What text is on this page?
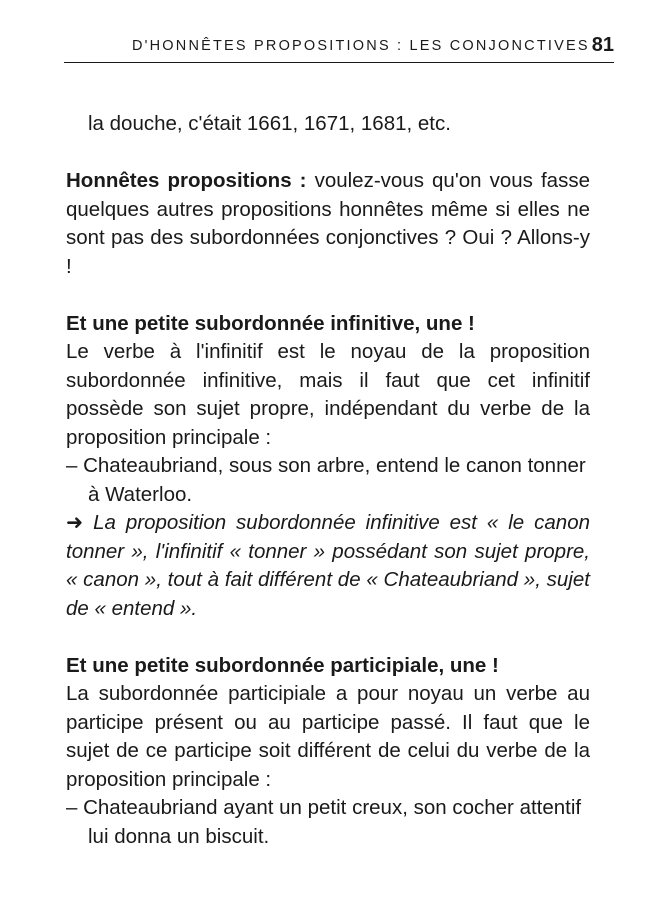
D'HONNÊTES PROPOSITIONS : LES CONJONCTIVES 81

la douche, c'était 1661, 1671, 1681, etc.

Honnêtes propositions : voulez-vous qu'on vous fasse quelques autres propositions honnêtes même si elles ne sont pas des subordonnées conjonctives ? Oui ? Allons-y !

Et une petite subordonnée infinitive, une !

Le verbe à l'infinitif est le noyau de la proposition subordonnée infinitive, mais il faut que cet infinitif possède son sujet propre, indépendant du verbe de la proposition principale :

– Chateaubriand, sous son arbre, entend le canon tonner à Waterloo.

➜ La proposition subordonnée infinitive est « le canon tonner », l'infinitif « tonner » possédant son sujet propre, « canon », tout à fait différent de « Chateaubriand », sujet de « entend ».

Et une petite subordonnée participiale, une !

La subordonnée participiale a pour noyau un verbe au participe présent ou au participe passé. Il faut que le sujet de ce participe soit différent de celui du verbe de la proposition principale :

– Chateaubriand ayant un petit creux, son cocher attentif lui donna un biscuit.
